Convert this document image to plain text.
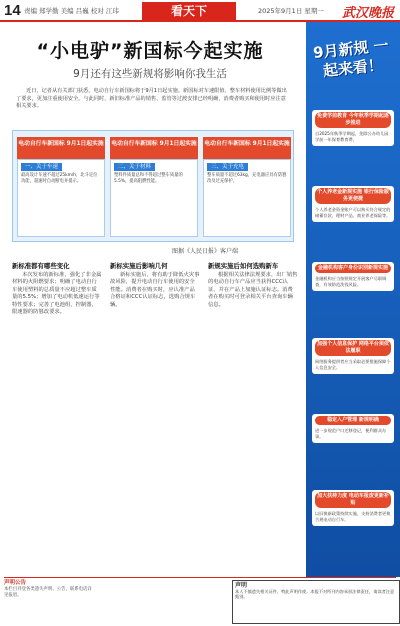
14 责编 郑学勤 美编 吕巍 校对 江玮	看天下	2025年9月1日 星期一 武汉晚报
“小电驴”新国标今起实施
9月还有这些新规将影响你我生活
近日，记者从有关部门获悉，电动自行车新国标将于9月1日起实施。新国标对车速限值、整车材料使用比例等做出了要求，更加注重使用安全。与此同时，新旧标准产品的销售、监管等过渡安排已经明确，消费者购买和使用时应注意相关要求。
电动自行车新国标 9月1日起实施
一、关于车速
最高设计车速不超过25km/h，北斗定位功能，超速时自动断电并提示。
电动自行车新国标 9月1日起实施
二、关于材料
塑料件质量总和不得超过整车质量的5.5%，提高阻燃性能。
电动自行车新国标 9月1日起实施
三、关于充电
整车质量不超过63kg，充电器应具有防篡改及过充保护。
图据《人民日报》客户端
新标准都有哪些变化

本次发布的新标准，强化了非金属材料的火阻燃要求；明确了电动自行车使用塑料的总质量不应超过整车质量的5.5%；增加了电动机低速运行等特性要求；完善了电池组、控制器、限速器的防篡改要求。

新标实施后影响几何

新标实施后，将有助于降低火灾事故风险，提升电动自行车使用的安全性能。消费者在购买时，应认准产品合格证和CCC认证标志，选购合规车辆。

新规实施后如何选购新车

根据相关法律法规要求，出厂销售的电动自行车产品应当获得CCC认证，并在产品上加施认证标志。消费者在购买时可登录相关平台查询车辆信息。

声明公告
本栏目刊登各类遗失声明、公告，联系电话详见报眉。
声明
本人不慎遗失相关证件，特此声明作废。本报不对所刊内容承担法律责任，请读者注意甄别。
9月新规 一起来看！
免费学前教育 今年秋季学期起逐步推进
自2025年秋季学期起，免除公办幼儿园学前一年保育教育费。
个人养老金新规实施 银行保险服务更便捷
个人养老金资金账户可以购买符合规定的储蓄存款、理财产品、商业养老保险等。
金融机构客户身份识别新规实施
金融机构应当按照规定开展客户尽职调查，有效防范洗钱风险。
加强个人信息保护 网络平台须依法履职
网络服务提供者应当采取必要措施保障个人信息安全。
稳定入户管理 新规明确
进一步规范户口迁移登记，便利群众办事。
加大扶持力度 电动车报废更新补贴
以旧换新政策持续实施，支持消费者更换合规电动自行车。
